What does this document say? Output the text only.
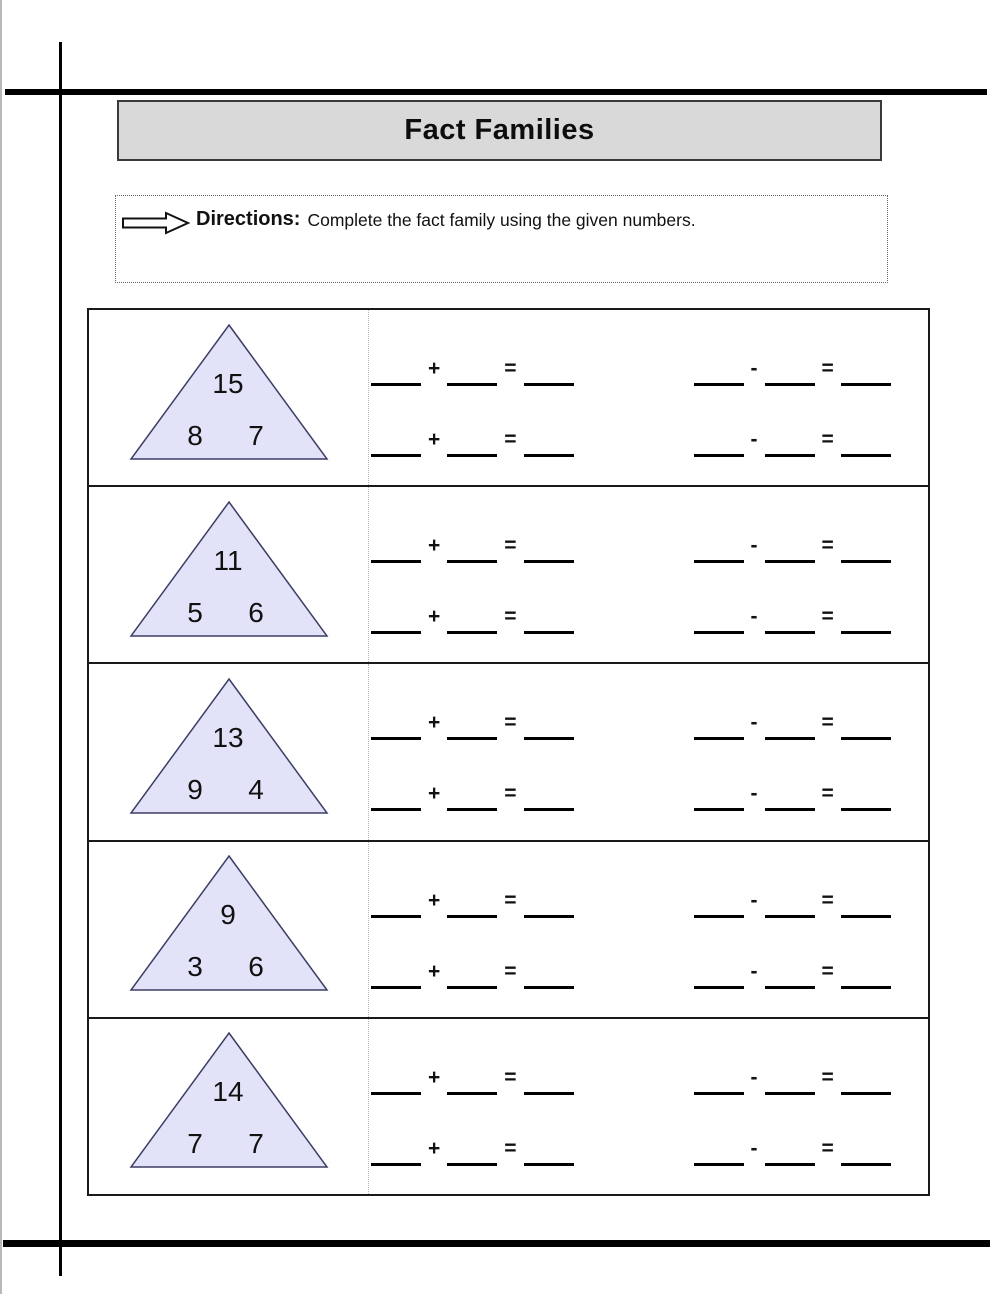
Fact Families
Directions: Complete the fact family using the given numbers.
15
8 7
+	=	-	=
+	=	-	=
11
5 6
+	=	-	=
+	=	-	=
13
9 4
+	=	-	=
+	=	-	=
9
3 6
+	=	-	=
+	=	-	=
14
7 7
+	=	-	=
+	=	-	=
